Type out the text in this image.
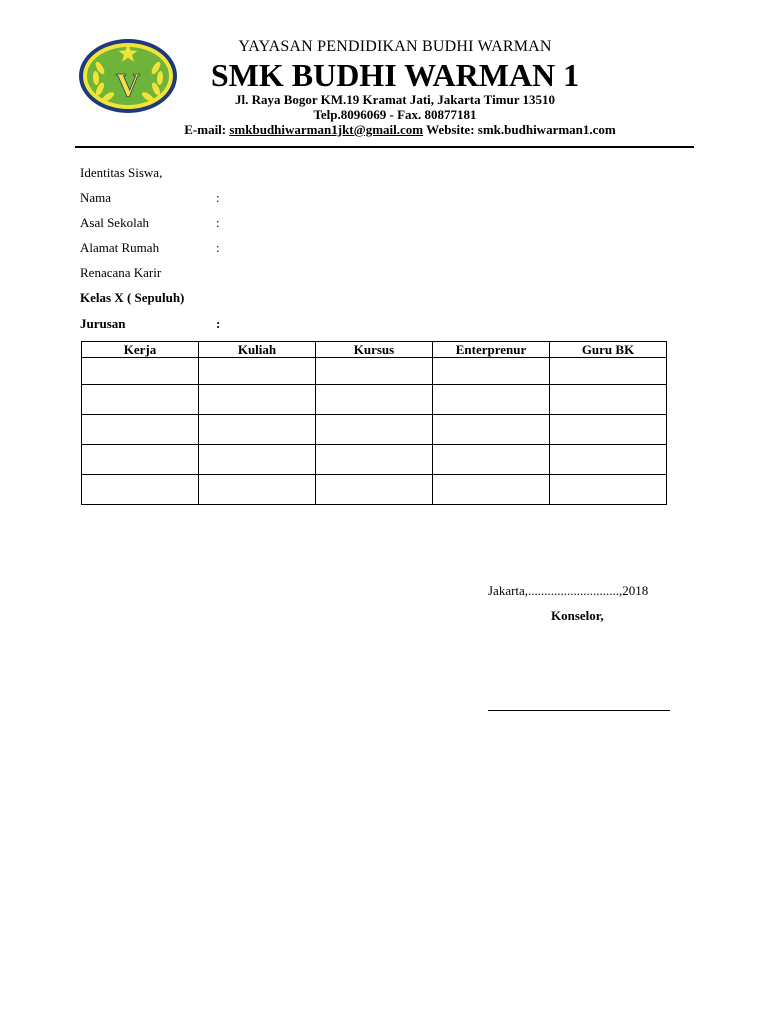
V
YAYASAN PENDIDIKAN BUDHI WARMAN
SMK BUDHI WARMAN 1
Jl. Raya Bogor KM.19 Kramat Jati, Jakarta Timur 13510
Telp.8096069 - Fax. 80877181
E-mail: smkbudhiwarman1jkt@gmail.com Website: smk.budhiwarman1.com
Identitas Siswa,
Nama	:
Asal Sekolah	:
Alamat Rumah	:
Renacana Karir
Kelas X ( Sepuluh)
Jurusan	:
Kerja	Kuliah	Kursus	Enterprenur	Guru BK

Jakarta,............................,2018
Konselor,
